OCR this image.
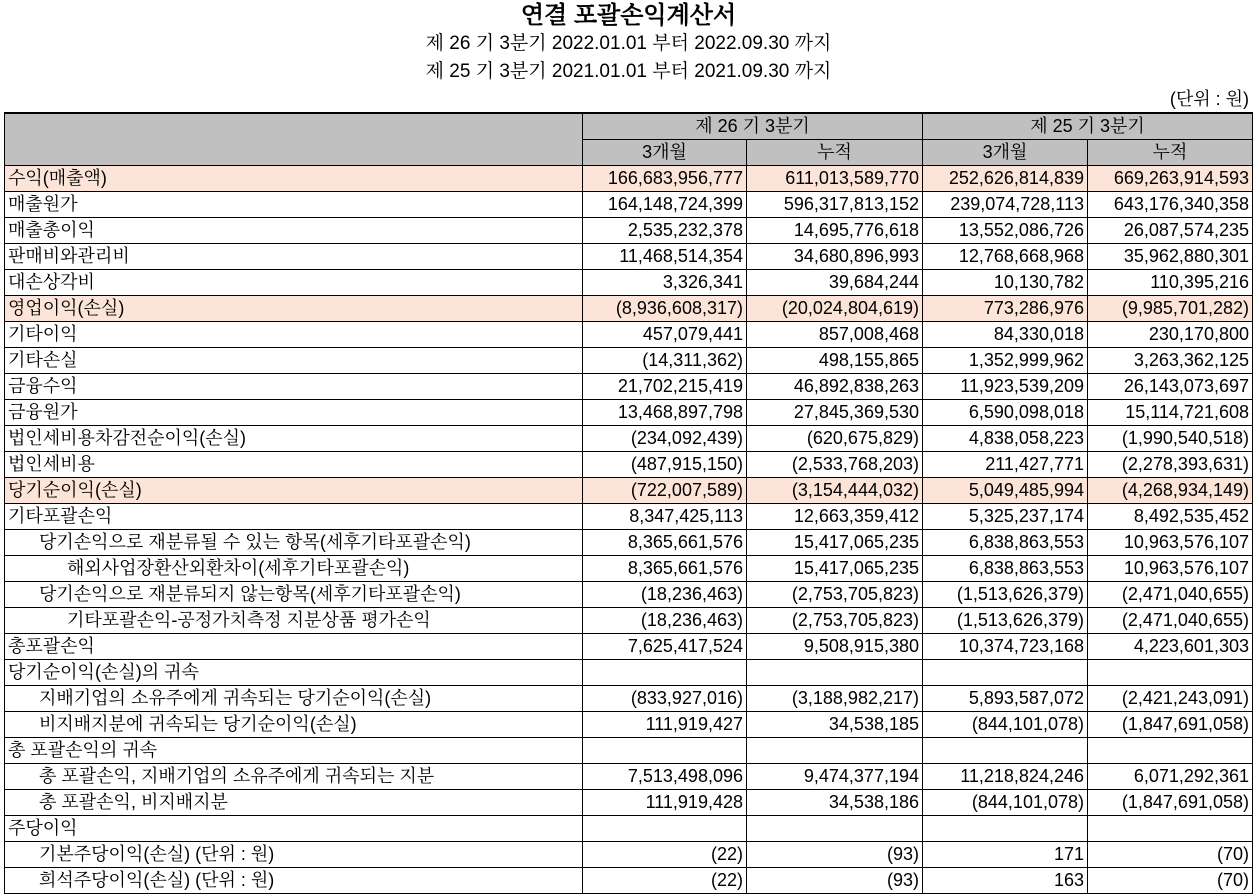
연결 포괄손익계산서
제 26 기 3분기 2022.01.01 부터 2022.09.30 까지
제 25 기 3분기 2021.01.01 부터 2021.09.30 까지
(단위 : 원)
	제 26 기 3분기		제 25 기 3분기	
	3개월	누적	3개월	누적
수익(매출액)	166,683,956,777	611,013,589,770	252,626,814,839	669,263,914,593
매출원가	164,148,724,399	596,317,813,152	239,074,728,113	643,176,340,358
매출총이익	2,535,232,378	14,695,776,618	13,552,086,726	26,087,574,235
판매비와관리비	11,468,514,354	34,680,896,993	12,768,668,968	35,962,880,301
대손상각비	3,326,341	39,684,244	10,130,782	110,395,216
영업이익(손실)	(8,936,608,317)	(20,024,804,619)	773,286,976	(9,985,701,282)
기타이익	457,079,441	857,008,468	84,330,018	230,170,800
기타손실	(14,311,362)	498,155,865	1,352,999,962	3,263,362,125
금융수익	21,702,215,419	46,892,838,263	11,923,539,209	26,143,073,697
금융원가	13,468,897,798	27,845,369,530	6,590,098,018	15,114,721,608
법인세비용차감전순이익(손실)	(234,092,439)	(620,675,829)	4,838,058,223	(1,990,540,518)
법인세비용	(487,915,150)	(2,533,768,203)	211,427,771	(2,278,393,631)
당기순이익(손실)	(722,007,589)	(3,154,444,032)	5,049,485,994	(4,268,934,149)
기타포괄손익	8,347,425,113	12,663,359,412	5,325,237,174	8,492,535,452
당기손익으로 재분류될 수 있는 항목(세후기타포괄손익)	8,365,661,576	15,417,065,235	6,838,863,553	10,963,576,107
해외사업장환산외환차이(세후기타포괄손익)	8,365,661,576	15,417,065,235	6,838,863,553	10,963,576,107
당기손익으로 재분류되지 않는항목(세후기타포괄손익)	(18,236,463)	(2,753,705,823)	(1,513,626,379)	(2,471,040,655)
기타포괄손익-공정가치측정 지분상품 평가손익	(18,236,463)	(2,753,705,823)	(1,513,626,379)	(2,471,040,655)
총포괄손익	7,625,417,524	9,508,915,380	10,374,723,168	4,223,601,303
당기순이익(손실)의 귀속				
지배기업의 소유주에게 귀속되는 당기순이익(손실)	(833,927,016)	(3,188,982,217)	5,893,587,072	(2,421,243,091)
비지배지분에 귀속되는 당기순이익(손실)	111,919,427	34,538,185	(844,101,078)	(1,847,691,058)
총 포괄손익의 귀속				
총 포괄손익, 지배기업의 소유주에게 귀속되는 지분	7,513,498,096	9,474,377,194	11,218,824,246	6,071,292,361
총 포괄손익, 비지배지분	111,919,428	34,538,186	(844,101,078)	(1,847,691,058)
주당이익				
기본주당이익(손실) (단위 : 원)	(22)	(93)	171	(70)
희석주당이익(손실) (단위 : 원)	(22)	(93)	163	(70)
